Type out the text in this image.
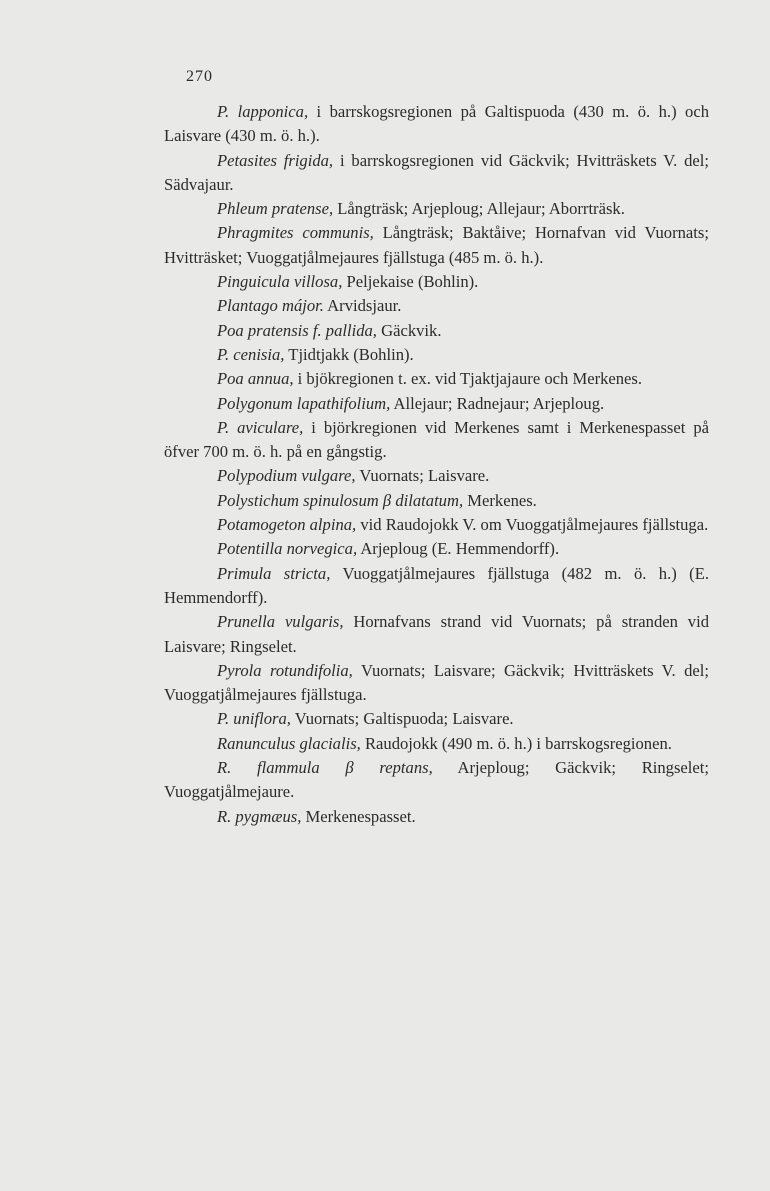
270

P. lapponica, i barrskogsregionen på Galtispuoda (430 m. ö. h.) och Laisvare (430 m. ö. h.).

Petasites frigida, i barrskogsregionen vid Gäckvik; Hvitträskets V. del; Sädvajaur.

Phleum pratense, Långträsk; Arjeploug; Allejaur; Aborrträsk.

Phragmites communis, Långträsk; Baktåive; Hornafvan vid Vuornats; Hvitträsket; Vuoggatjålmejaures fjällstuga (485 m. ö. h.).

Pinguicula villosa, Peljekaise (Bohlin).

Plantago májor. Arvidsjaur.

Poa pratensis f. pallida, Gäckvik.

P. cenisia, Tjidtjakk (Bohlin).

Poa annua, i bjökregionen t. ex. vid Tjaktjajaure och Merkenes.

Polygonum lapathifolium, Allejaur; Radnejaur; Arjeploug.

P. aviculare, i björkregionen vid Merkenes samt i Merkenespasset på öfver 700 m. ö. h. på en gångstig.

Polypodium vulgare, Vuornats; Laisvare.

Polystichum spinulosum β dilatatum, Merkenes.

Potamogeton alpina, vid Raudojokk V. om Vuoggatjålmejaures fjällstuga.

Potentilla norvegica, Arjeploug (E. Hemmendorff).

Primula stricta, Vuoggatjålmejaures fjällstuga (482 m. ö. h.) (E. Hemmendorff).

Prunella vulgaris, Hornafvans strand vid Vuornats; på stranden vid Laisvare; Ringselet.

Pyrola rotundifolia, Vuornats; Laisvare; Gäckvik; Hvitträskets V. del; Vuoggatjålmejaures fjällstuga.

P. uniflora, Vuornats; Galtispuoda; Laisvare.

Ranunculus glacialis, Raudojokk (490 m. ö. h.) i barrskogsregionen.

R. flammula β reptans, Arjeploug; Gäckvik; Ringselet; Vuoggatjålmejaure.

R. pygmæus, Merkenespasset.
